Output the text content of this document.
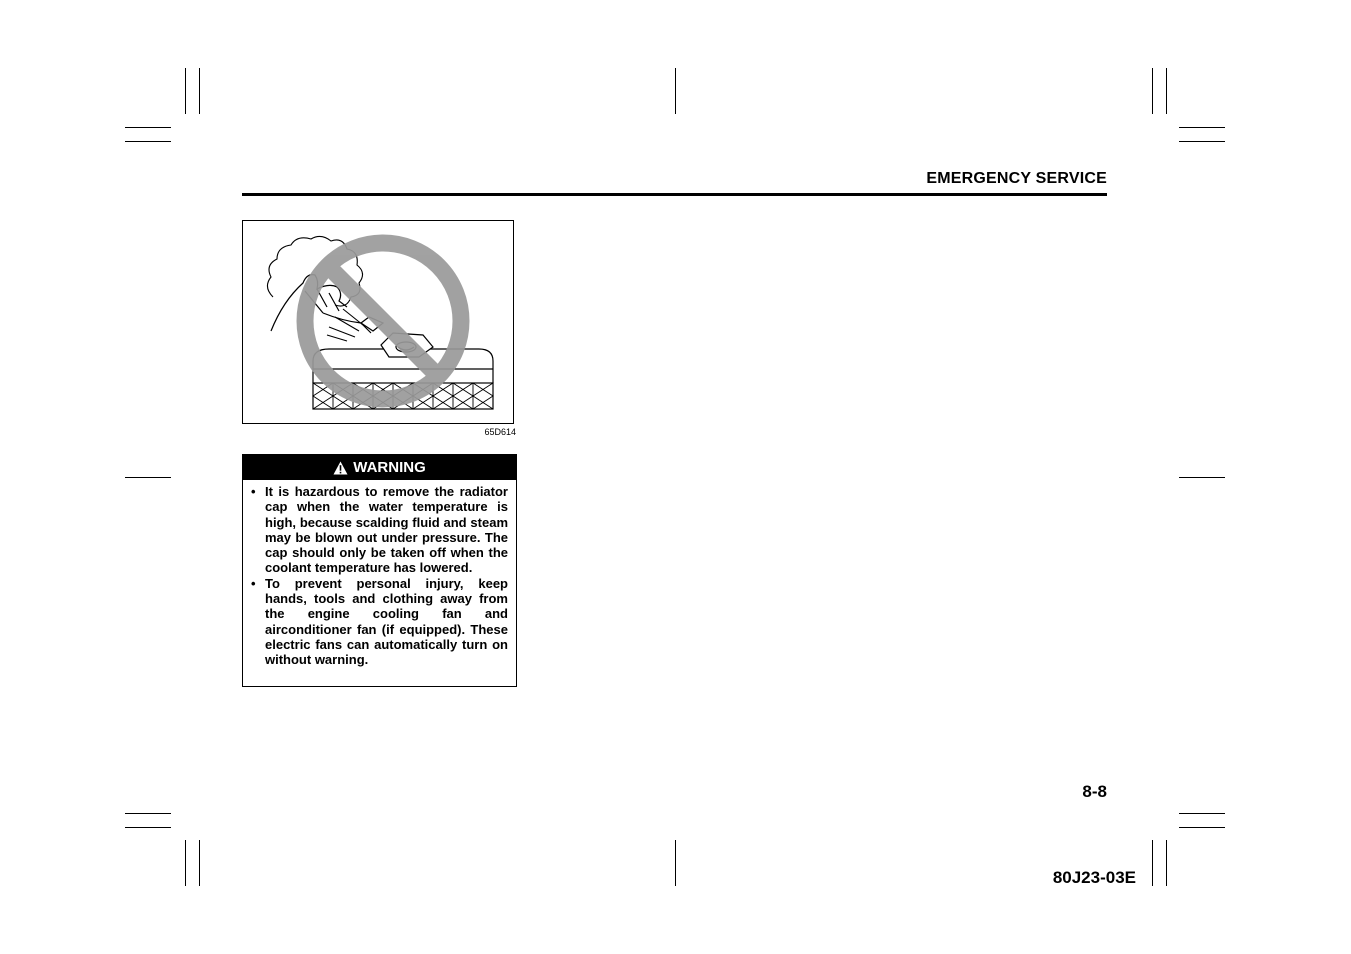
EMERGENCY SERVICE
65D614
WARNING
• It is hazardous to remove the radiator cap when the water temperature is high, because scalding fluid and steam may be blown out under pressure. The cap should only be taken off when the coolant temperature has lowered.
• To prevent personal injury, keep hands, tools and clothing away from the engine cooling fan and airconditioner fan (if equipped). These electric fans can automatically turn on without warning.
8-8
80J23-03E
